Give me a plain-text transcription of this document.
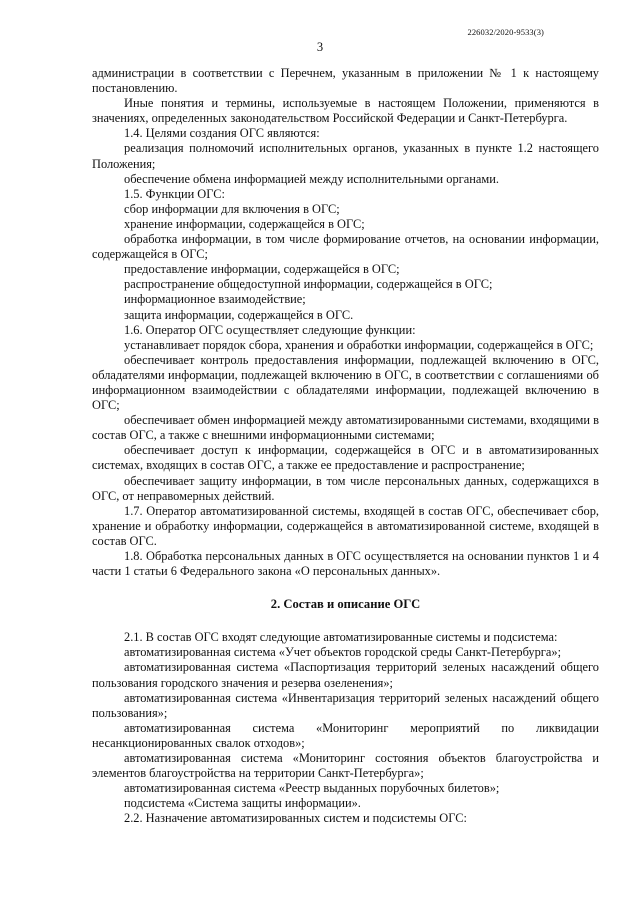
226032/2020-9533(3)
3

администрации в соответствии с Перечнем, указанным в приложении № 1 к настоящему постановлению.

Иные понятия и термины, используемые в настоящем Положении, применяются в значениях, определенных законодательством Российской Федерации и Санкт-Петербурга.

1.4. Целями создания ОГС являются:

реализация полномочий исполнительных органов, указанных в пункте 1.2 настоящего Положения;

обеспечение обмена информацией между исполнительными органами.

1.5. Функции ОГС:

сбор информации для включения в ОГС;

хранение информации, содержащейся в ОГС;

обработка информации, в том числе формирование отчетов, на основании информации, содержащейся в ОГС;

предоставление информации, содержащейся в ОГС;

распространение общедоступной информации, содержащейся в ОГС;

информационное взаимодействие;

защита информации, содержащейся в ОГС.

1.6. Оператор ОГС осуществляет следующие функции:

устанавливает порядок сбора, хранения и обработки информации, содержащейся в ОГС;

обеспечивает контроль предоставления информации, подлежащей включению в ОГС, обладателями информации, подлежащей включению в ОГС, в соответствии с соглашениями об информационном взаимодействии с обладателями информации, подлежащей включению в ОГС;

обеспечивает обмен информацией между автоматизированными системами, входящими в состав ОГС, а также с внешними информационными системами;

обеспечивает доступ к информации, содержащейся в ОГС и в автоматизированных системах, входящих в состав ОГС, а также ее предоставление и распространение;

обеспечивает защиту информации, в том числе персональных данных, содержащихся в ОГС, от неправомерных действий.

1.7. Оператор автоматизированной системы, входящей в состав ОГС, обеспечивает сбор, хранение и обработку информации, содержащейся в автоматизированной системе, входящей в состав ОГС.

1.8. Обработка персональных данных в ОГС осуществляется на основании пунктов 1 и 4 части 1 статьи 6 Федерального закона «О персональных данных».

2. Состав и описание ОГС

2.1. В состав ОГС входят следующие автоматизированные системы и подсистема:

автоматизированная система «Учет объектов городской среды Санкт-Петербурга»;

автоматизированная система «Паспортизация территорий зеленых насаждений общего пользования городского значения и резерва озеленения»;

автоматизированная система «Инвентаризация территорий зеленых насаждений общего пользования»;

автоматизированная система «Мониторинг мероприятий по ликвидации несанкционированных свалок отходов»;

автоматизированная система «Мониторинг состояния объектов благоустройства и элементов благоустройства на территории Санкт-Петербурга»;

автоматизированная система «Реестр выданных порубочных билетов»;

подсистема «Система защиты информации».

2.2. Назначение автоматизированных систем и подсистемы ОГС:
